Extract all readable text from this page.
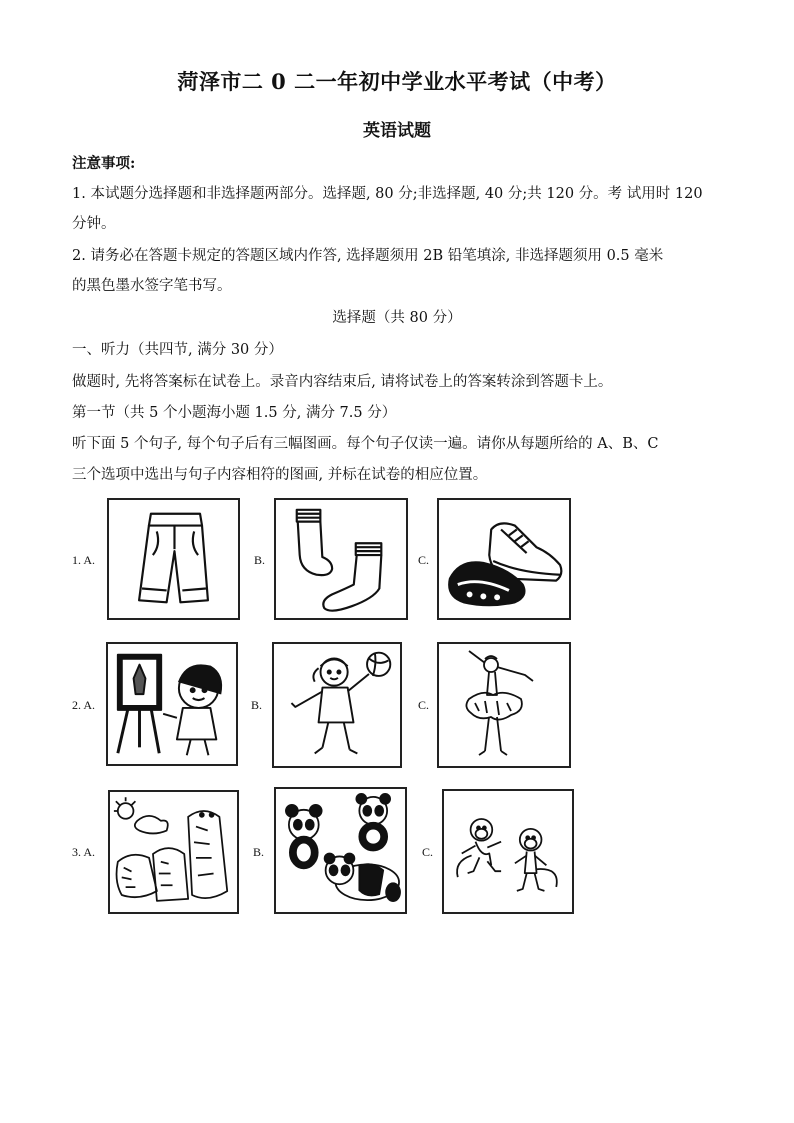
菏泽市二 0 二一年初中学业水平考试（中考）
英语试题
注意事项:
1. 本试题分选择题和非选择题两部分。选择题, 80 分;非选择题, 40 分;共 120 分。考 试用时 120
分钟。
2. 请务必在答题卡规定的答题区域内作答, 选择题须用 2B 铅笔填涂, 非选择题须用 0.5 毫米
的黑色墨水签字笔书写。
选择题（共 80 分）
一、听力（共四节, 满分 30 分）
做题时, 先将答案标在试卷上。录音内容结束后, 请将试卷上的答案转涂到答题卡上。
第一节（共 5 个小题海小题 1.5 分, 满分 7.5 分）
听下面 5 个句子, 每个句子后有三幅图画。每个句子仅读一遍。请你从每题所给的 A、B、C
三个选项中选出与句子内容相符的图画, 并标在试卷的相应位置。
1. A.	B.	C.
2. A.	B.	C.
3. A.	B.	C.
